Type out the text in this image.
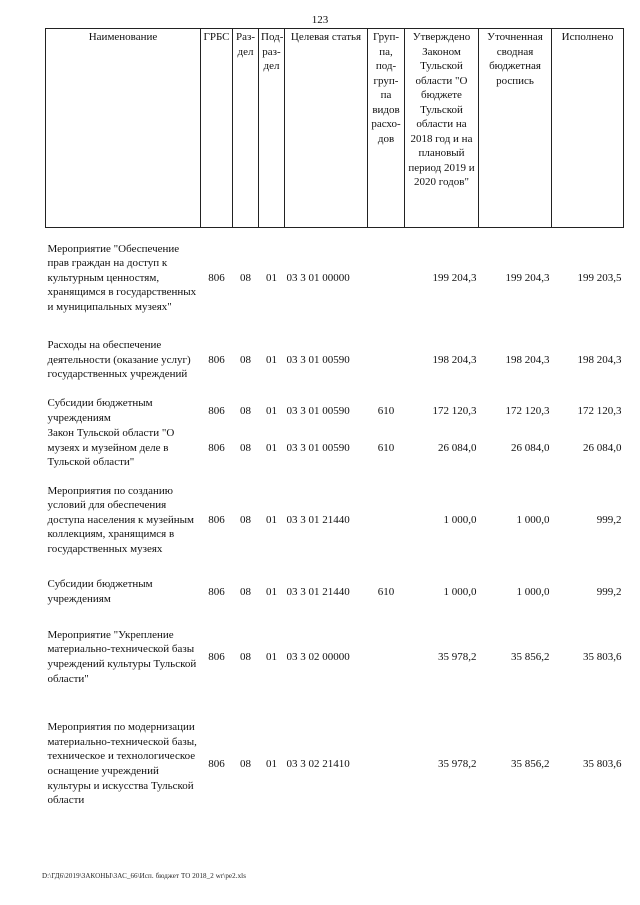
123
Наименование	ГРБС	Раз-дел	Под-раз-дел	Целевая статья	Груп-па, под-груп-па видов расхо-дов	Утверждено Законом Тульской области "О бюджете Тульской области на 2018 год и на плановый период 2019 и 2020 годов"	Уточненная сводная бюджетная роспись	Исполнено

Мероприятие "Обеспечение прав граждан на доступ к культурным ценностям, хранящимся в государственных и муниципальных музеях"	806	08	01	03 3 01 00000		199 204,3	199 204,3	199 203,5
Расходы на обеспечение деятельности (оказание услуг) государственных учреждений	806	08	01	03 3 01 00590		198 204,3	198 204,3	198 204,3
Субсидии бюджетным учреждениям	806	08	01	03 3 01 00590	610	172 120,3	172 120,3	172 120,3
Закон Тульской области "О музеях и музейном деле в Тульской области"	806	08	01	03 3 01 00590	610	26 084,0	26 084,0	26 084,0
Мероприятия по созданию условий для обеспечения доступа населения к музейным коллекциям, хранящимся в государственных музеях	806	08	01	03 3 01 21440		1 000,0	1 000,0	999,2
Субсидии бюджетным учреждениям	806	08	01	03 3 01 21440	610	1 000,0	1 000,0	999,2
Мероприятие "Укрепление материально-технической базы учреждений культуры Тульской области"	806	08	01	03 3 02 00000		35 978,2	35 856,2	35 803,6
Мероприятия по модернизации материально-технической базы, техническое и технологическое оснащение учреждений культуры и искусства Тульской области	806	08	01	03 3 02 21410		35 978,2	35 856,2	35 803,6
D:\ГД6\2019\ЗАКОНЫ\ЗАС_66\Исп. бюджет ТО 2018_2 wr\ре2.xls
